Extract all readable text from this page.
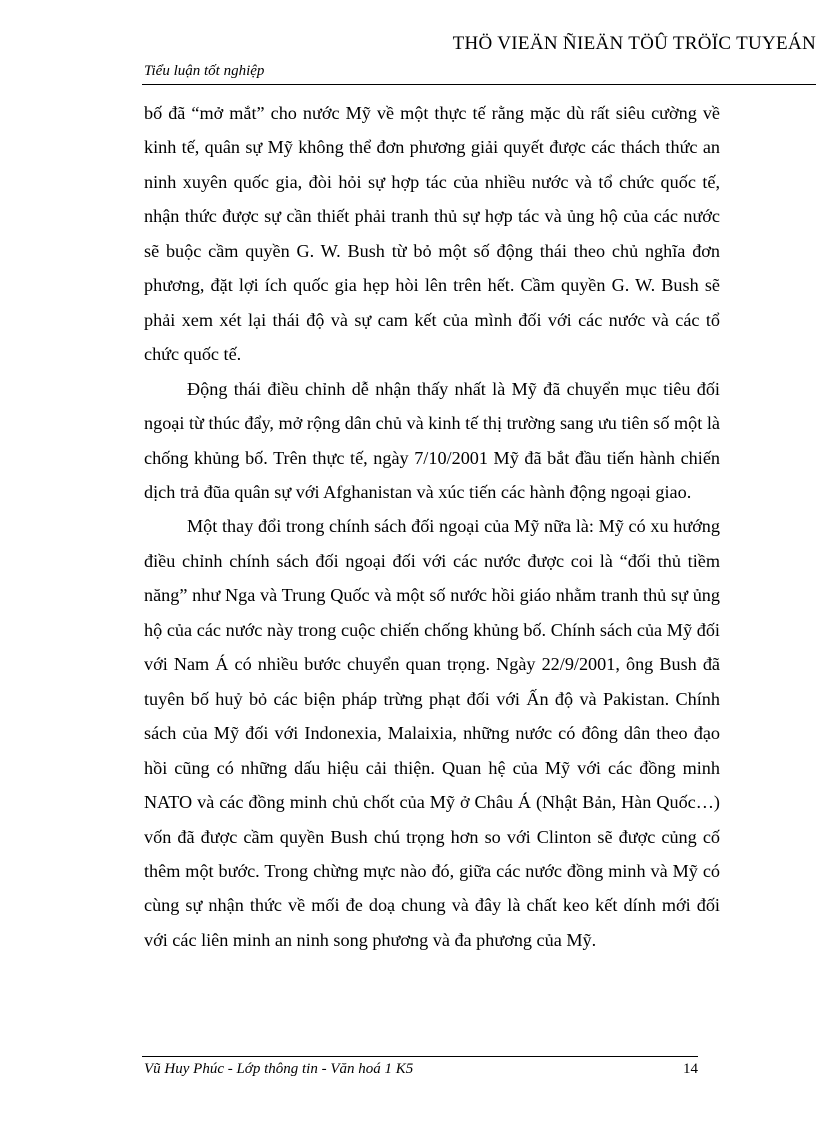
THÖ VIEÄN ÑIEÄN TÖÛ TRÖÏC TUYEÁN
Tiểu luận tốt nghiệp

bố đã “mở mắt” cho nước Mỹ về một thực tế rằng mặc dù rất siêu cường về kinh tế, quân sự Mỹ không thể đơn phương giải quyết được các thách thức an ninh xuyên quốc gia, đòi hỏi sự hợp tác của nhiều nước và tổ chức quốc tế, nhận thức được sự cần thiết phải tranh thủ sự hợp tác và ủng hộ của các nước sẽ buộc cầm quyền G. W. Bush từ bỏ một số động thái theo chủ nghĩa đơn phương, đặt lợi ích quốc gia hẹp hòi lên trên hết. Cầm quyền G. W. Bush sẽ phải xem xét lại thái độ và sự cam kết của mình đối với các nước và các tổ chức quốc tế.

Động thái điều chỉnh dễ nhận thấy nhất là Mỹ đã chuyển mục tiêu đối ngoại từ thúc đẩy, mở rộng dân chủ và kinh tế thị trường sang ưu tiên số một là chống khủng bố. Trên thực tế, ngày 7/10/2001 Mỹ đã bắt đầu tiến hành chiến dịch trả đũa quân sự với Afghanistan và xúc tiến các hành động ngoại giao.

Một thay đổi trong chính sách đối ngoại của Mỹ nữa là: Mỹ có xu hướng điều chỉnh chính sách đối ngoại đối với các nước được coi là “đối thủ tiềm năng” như Nga và Trung Quốc và một số nước hồi giáo nhằm tranh thủ sự ủng hộ của các nước này trong cuộc chiến chống khủng bố. Chính sách của Mỹ đối với Nam Á có nhiều bước chuyển quan trọng. Ngày 22/9/2001, ông Bush đã tuyên bố huỷ bỏ các biện pháp trừng phạt đối với Ấn độ và Pakistan. Chính sách của Mỹ đối với Indonexia, Malaixia, những nước có đông dân theo đạo hồi cũng có những dấu hiệu cải thiện. Quan hệ của Mỹ với các đồng minh NATO và các đồng minh chủ chốt của Mỹ ở Châu Á (Nhật Bản, Hàn Quốc…) vốn đã được cầm quyền Bush chú trọng hơn so với Clinton sẽ được củng cố thêm một bước. Trong chừng mực nào đó, giữa các nước đồng minh và Mỹ có cùng sự nhận thức về mối đe doạ chung và đây là chất keo kết dính mới đối với các liên minh an ninh song phương và đa phương của Mỹ.

Vũ Huy Phúc - Lớp thông tin - Văn hoá 1 K5	14
